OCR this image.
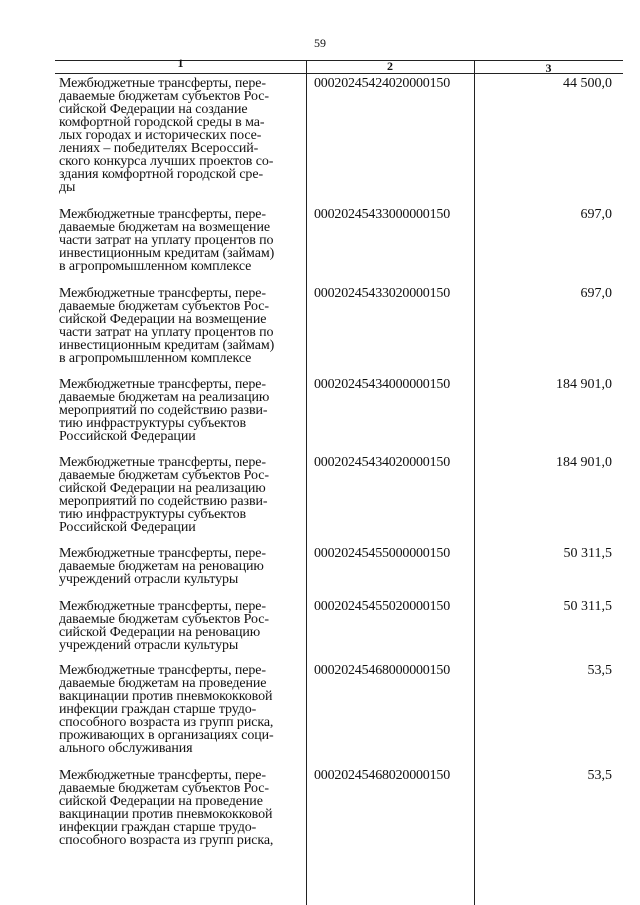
59
1	2	3
Межбюджетные трансферты, пере-
даваемые бюджетам субъектов Рос-
сийской Федерации на создание
комфортной городской среды в ма-
лых городах и исторических посе-
лениях – победителях Всероссий-
ского конкурса лучших проектов со-
здания комфортной городской сре-
ды
00020245424020000150	44 500,0
Межбюджетные трансферты, пере-
даваемые бюджетам на возмещение
части затрат на уплату процентов по
инвестиционным кредитам (займам)
в агропромышленном комплексе
00020245433000000150	697,0
Межбюджетные трансферты, пере-
даваемые бюджетам субъектов Рос-
сийской Федерации на возмещение
части затрат на уплату процентов по
инвестиционным кредитам (займам)
в агропромышленном комплексе
00020245433020000150	697,0
Межбюджетные трансферты, пере-
даваемые бюджетам на реализацию
мероприятий по содействию разви-
тию инфраструктуры субъектов
Российской Федерации
00020245434000000150	184 901,0
Межбюджетные трансферты, пере-
даваемые бюджетам субъектов Рос-
сийской Федерации на реализацию
мероприятий по содействию разви-
тию инфраструктуры субъектов
Российской Федерации
00020245434020000150	184 901,0
Межбюджетные трансферты, пере-
даваемые бюджетам на реновацию
учреждений отрасли культуры
00020245455000000150	50 311,5
Межбюджетные трансферты, пере-
даваемые бюджетам субъектов Рос-
сийской Федерации на реновацию
учреждений отрасли культуры
00020245455020000150	50 311,5
Межбюджетные трансферты, пере-
даваемые бюджетам на проведение
вакцинации против пневмококковой
инфекции граждан старше трудо-
способного возраста из групп риска,
проживающих в организациях соци-
ального обслуживания
00020245468000000150	53,5
Межбюджетные трансферты, пере-
даваемые бюджетам субъектов Рос-
сийской Федерации на проведение
вакцинации против пневмококковой
инфекции граждан старше трудо-
способного возраста из групп риска,
00020245468020000150	53,5
